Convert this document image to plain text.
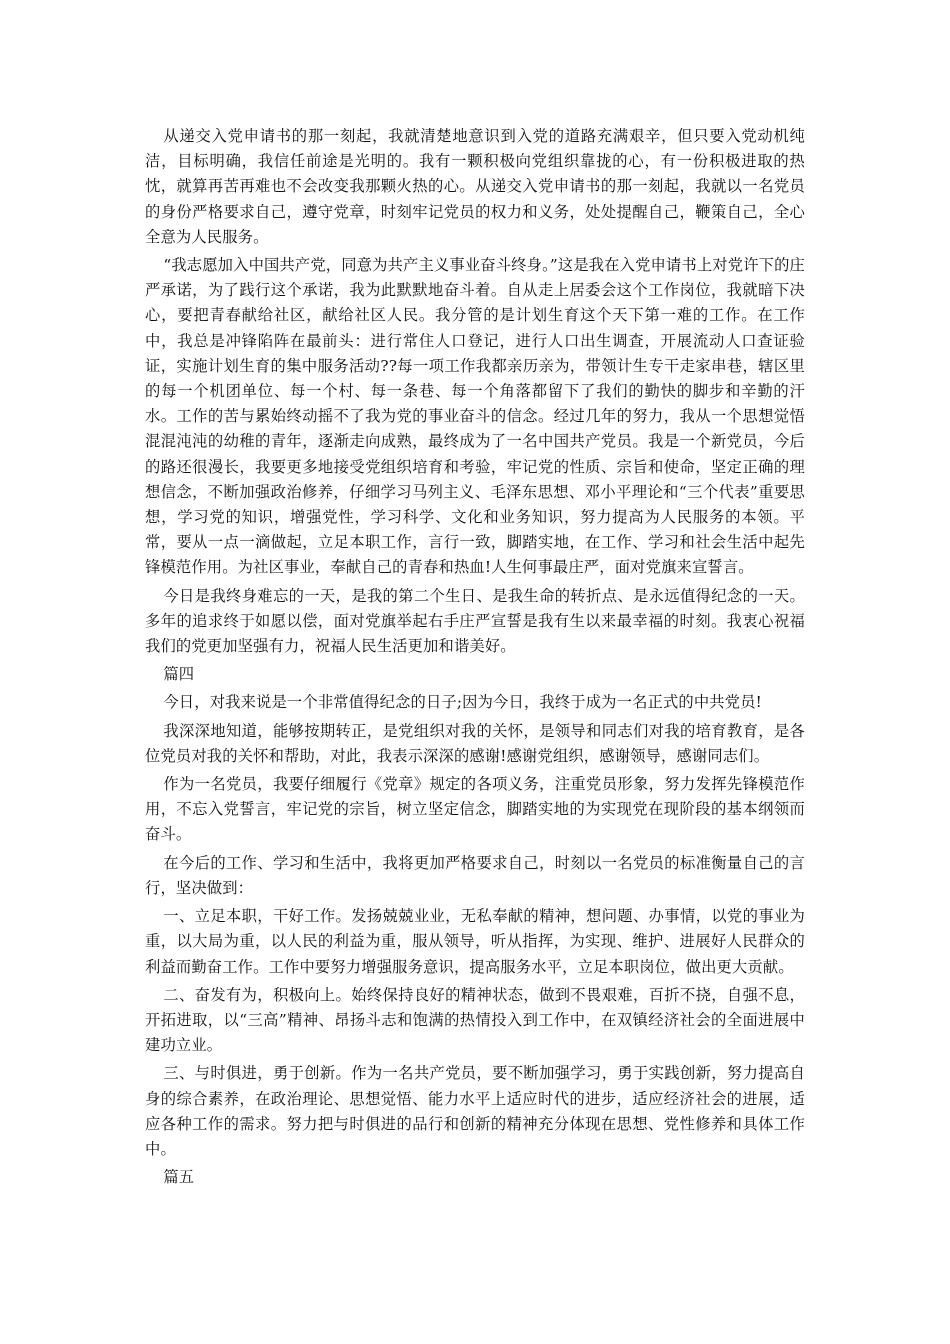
从递交入党申请书的那一刻起，我就清楚地意识到入党的道路充满艰辛，但只要入党动机纯洁，目标明确，我信任前途是光明的。我有一颗积极向党组织靠拢的心，有一份积极进取的热忱，就算再苦再难也不会改变我那颗火热的心。从递交入党申请书的那一刻起，我就以一名党员的身份严格要求自己，遵守党章，时刻牢记党员的权力和义务，处处提醒自己，鞭策自己，全心全意为人民服务。

“我志愿加入中国共产党，同意为共产主义事业奋斗终身。”这是我在入党申请书上对党许下的庄严承诺，为了践行这个承诺，我为此默默地奋斗着。自从走上居委会这个工作岗位，我就暗下决心，要把青春献给社区，献给社区人民。我分管的是计划生育这个天下第一难的工作。在工作中，我总是冲锋陷阵在最前头：进行常住人口登记，进行人口出生调查，开展流动人口查证验证，实施计划生育的集中服务活动??每一项工作我都亲历亲为，带领计生专干走家串巷，辖区里的每一个机团单位、每一个村、每一条巷、每一个角落都留下了我们的勤快的脚步和辛勤的汗水。工作的苦与累始终动摇不了我为党的事业奋斗的信念。经过几年的努力，我从一个思想觉悟混混沌沌的幼稚的青年，逐渐走向成熟，最终成为了一名中国共产党员。我是一个新党员，今后的路还很漫长，我要更多地接受党组织培育和考验，牢记党的性质、宗旨和使命，坚定正确的理想信念，不断加强政治修养，仔细学习马列主义、毛泽东思想、邓小平理论和“三个代表”重要思想，学习党的知识，增强党性，学习科学、文化和业务知识，努力提高为人民服务的本领。平常，要从一点一滴做起，立足本职工作，言行一致，脚踏实地，在工作、学习和社会生活中起先锋模范作用。为社区事业，奉献自己的青春和热血!人生何事最庄严，面对党旗来宣誓言。

今日是我终身难忘的一天，是我的第二个生日、是我生命的转折点、是永远值得纪念的一天。多年的追求终于如愿以偿，面对党旗举起右手庄严宣誓是我有生以来最幸福的时刻。我衷心祝福我们的党更加坚强有力，祝福人民生活更加和谐美好。

篇四

今日，对我来说是一个非常值得纪念的日子;因为今日，我终于成为一名正式的中共党员!

我深深地知道，能够按期转正，是党组织对我的关怀，是领导和同志们对我的培育教育，是各位党员对我的关怀和帮助，对此，我表示深深的感谢!感谢党组织，感谢领导，感谢同志们。

作为一名党员，我要仔细履行《党章》规定的各项义务，注重党员形象，努力发挥先锋模范作用，不忘入党誓言，牢记党的宗旨，树立坚定信念，脚踏实地的为实现党在现阶段的基本纲领而奋斗。

在今后的工作、学习和生活中，我将更加严格要求自己，时刻以一名党员的标准衡量自己的言行，坚决做到：

一、立足本职，干好工作。发扬兢兢业业，无私奉献的精神，想问题、办事情，以党的事业为重，以大局为重，以人民的利益为重，服从领导，听从指挥，为实现、维护、进展好人民群众的利益而勤奋工作。工作中要努力增强服务意识，提高服务水平，立足本职岗位，做出更大贡献。

二、奋发有为，积极向上。始终保持良好的精神状态，做到不畏艰难，百折不挠，自强不息，开拓进取，以“三高”精神、昂扬斗志和饱满的热情投入到工作中，在双镇经济社会的全面进展中建功立业。

三、与时俱进，勇于创新。作为一名共产党员，要不断加强学习，勇于实践创新，努力提高自身的综合素养，在政治理论、思想觉悟、能力水平上适应时代的进步，适应经济社会的进展，适应各种工作的需求。努力把与时俱进的品行和创新的精神充分体现在思想、党性修养和具体工作中。

篇五
